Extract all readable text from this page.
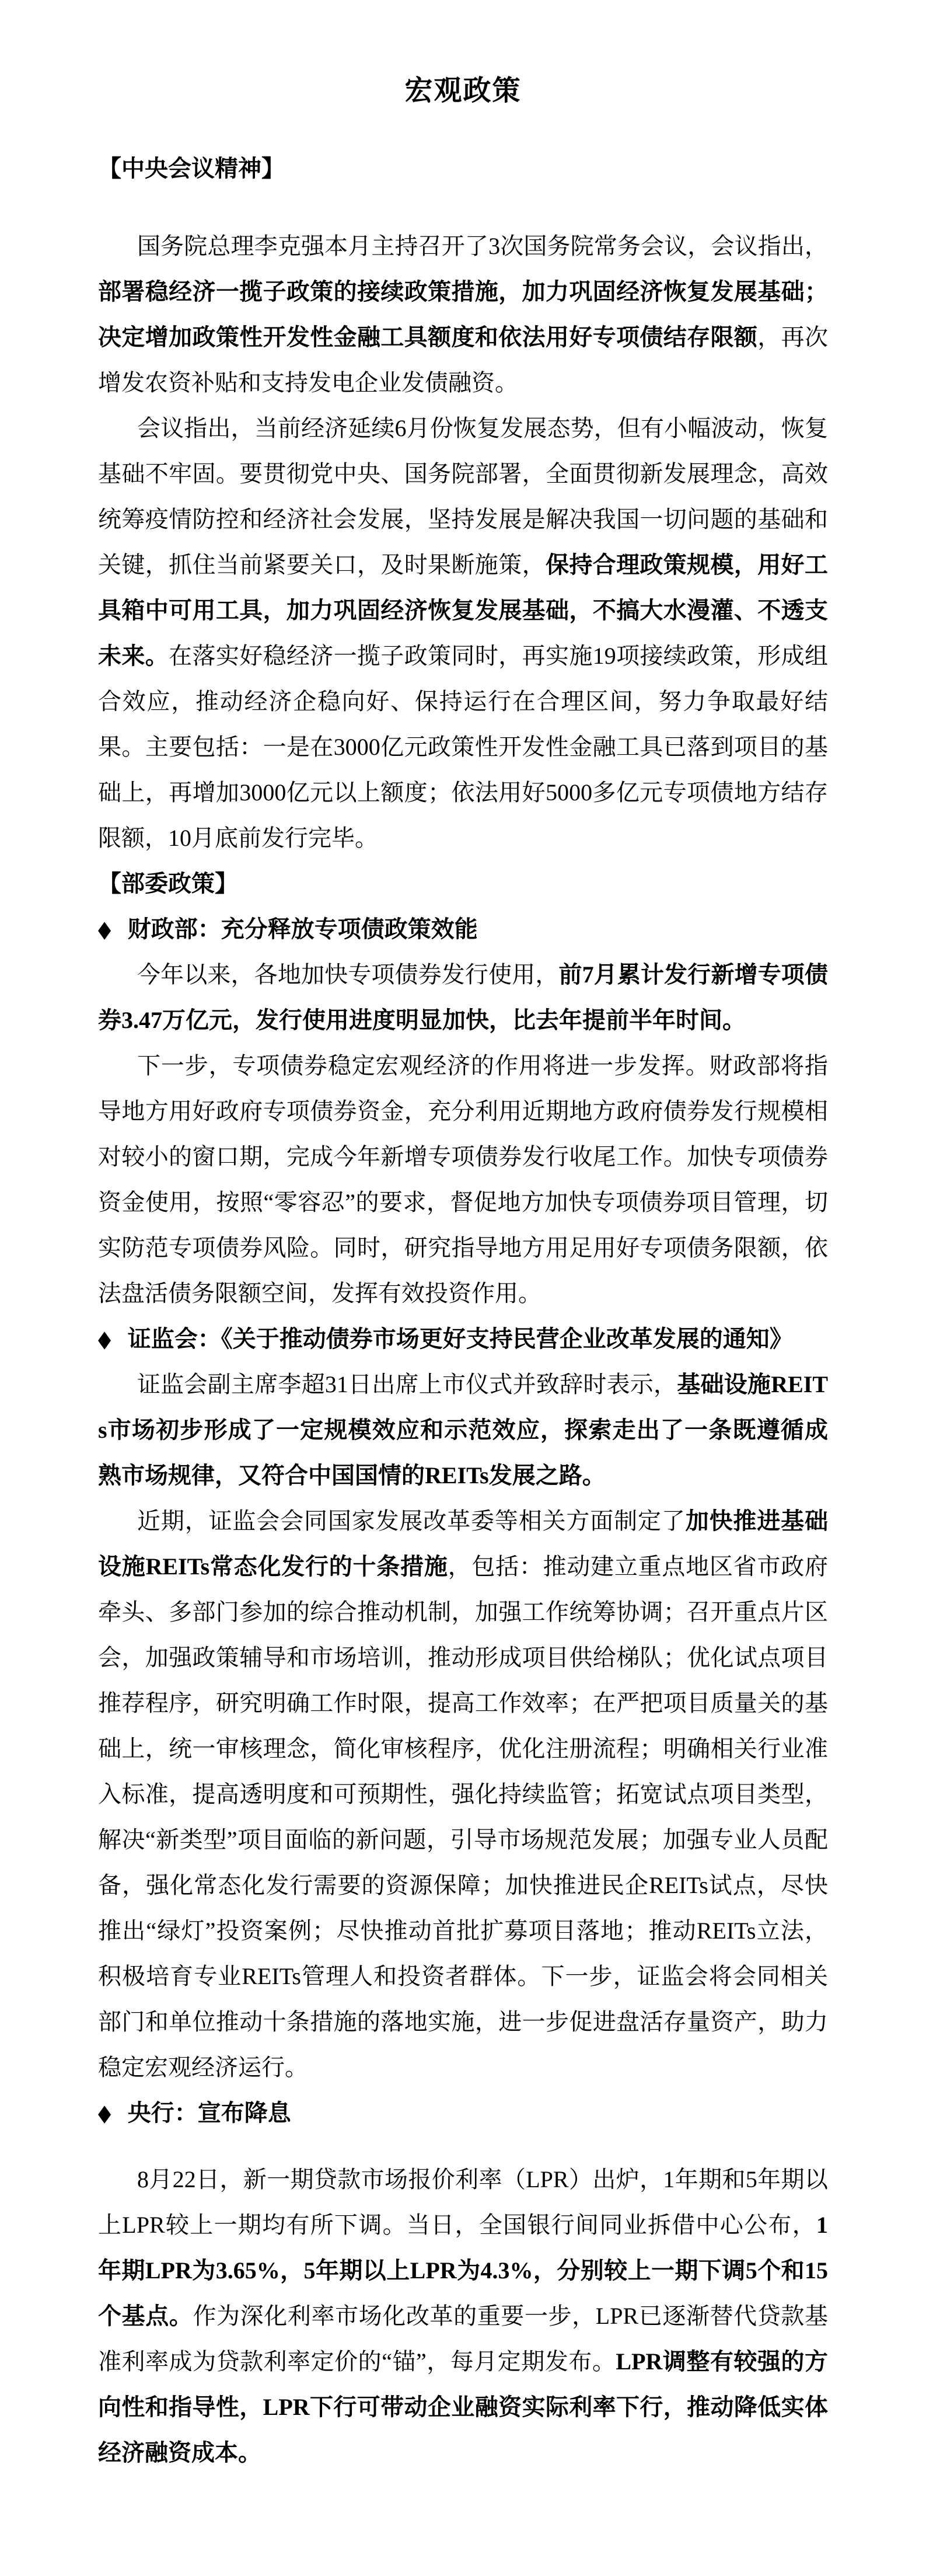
宏观政策
【中央会议精神】

国务院总理李克强本月主持召开了3次国务院常务会议，会议指出，部署稳经济一揽子政策的接续政策措施，加力巩固经济恢复发展基础；决定增加政策性开发性金融工具额度和依法用好专项债结存限额，再次增发农资补贴和支持发电企业发债融资。

会议指出，当前经济延续6月份恢复发展态势，但有小幅波动，恢复基础不牢固。要贯彻党中央、国务院部署，全面贯彻新发展理念，高效统筹疫情防控和经济社会发展，坚持发展是解决我国一切问题的基础和关键，抓住当前紧要关口，及时果断施策，保持合理政策规模，用好工具箱中可用工具，加力巩固经济恢复发展基础，不搞大水漫灌、不透支未来。在落实好稳经济一揽子政策同时，再实施19项接续政策，形成组合效应，推动经济企稳向好、保持运行在合理区间，努力争取最好结果。主要包括：一是在3000亿元政策性开发性金融工具已落到项目的基础上，再增加3000亿元以上额度；依法用好5000多亿元专项债地方结存限额，10月底前发行完毕。

【部委政策】

◆ 财政部：充分释放专项债政策效能

今年以来，各地加快专项债券发行使用，前7月累计发行新增专项债券3.47万亿元，发行使用进度明显加快，比去年提前半年时间。

下一步，专项债券稳定宏观经济的作用将进一步发挥。财政部将指导地方用好政府专项债券资金，充分利用近期地方政府债券发行规模相对较小的窗口期，完成今年新增专项债券发行收尾工作。加快专项债券资金使用，按照“零容忍”的要求，督促地方加快专项债券项目管理，切实防范专项债券风险。同时，研究指导地方用足用好专项债务限额，依法盘活债务限额空间，发挥有效投资作用。

◆ 证监会：《关于推动债券市场更好支持民营企业改革发展的通知》

证监会副主席李超31日出席上市仪式并致辞时表示，基础设施REITs市场初步形成了一定规模效应和示范效应，探索走出了一条既遵循成熟市场规律，又符合中国国情的REITs发展之路。

近期，证监会会同国家发展改革委等相关方面制定了加快推进基础设施REITs常态化发行的十条措施，包括：推动建立重点地区省市政府牵头、多部门参加的综合推动机制，加强工作统筹协调；召开重点片区会，加强政策辅导和市场培训，推动形成项目供给梯队；优化试点项目推荐程序，研究明确工作时限，提高工作效率；在严把项目质量关的基础上，统一审核理念，简化审核程序，优化注册流程；明确相关行业准入标准，提高透明度和可预期性，强化持续监管；拓宽试点项目类型，解决“新类型”项目面临的新问题，引导市场规范发展；加强专业人员配备，强化常态化发行需要的资源保障；加快推进民企REITs试点，尽快推出“绿灯”投资案例；尽快推动首批扩募项目落地；推动REITs立法，积极培育专业REITs管理人和投资者群体。下一步，证监会将会同相关部门和单位推动十条措施的落地实施，进一步促进盘活存量资产，助力稳定宏观经济运行。

◆ 央行：宣布降息

8月22日，新一期贷款市场报价利率（LPR）出炉，1年期和5年期以上LPR较上一期均有所下调。当日，全国银行间同业拆借中心公布，1年期LPR为3.65%，5年期以上LPR为4.3%，分别较上一期下调5个和15个基点。作为深化利率市场化改革的重要一步，LPR已逐渐替代贷款基准利率成为贷款利率定价的“锚”，每月定期发布。LPR调整有较强的方向性和指导性，LPR下行可带动企业融资实际利率下行，推动降低实体经济融资成本。
